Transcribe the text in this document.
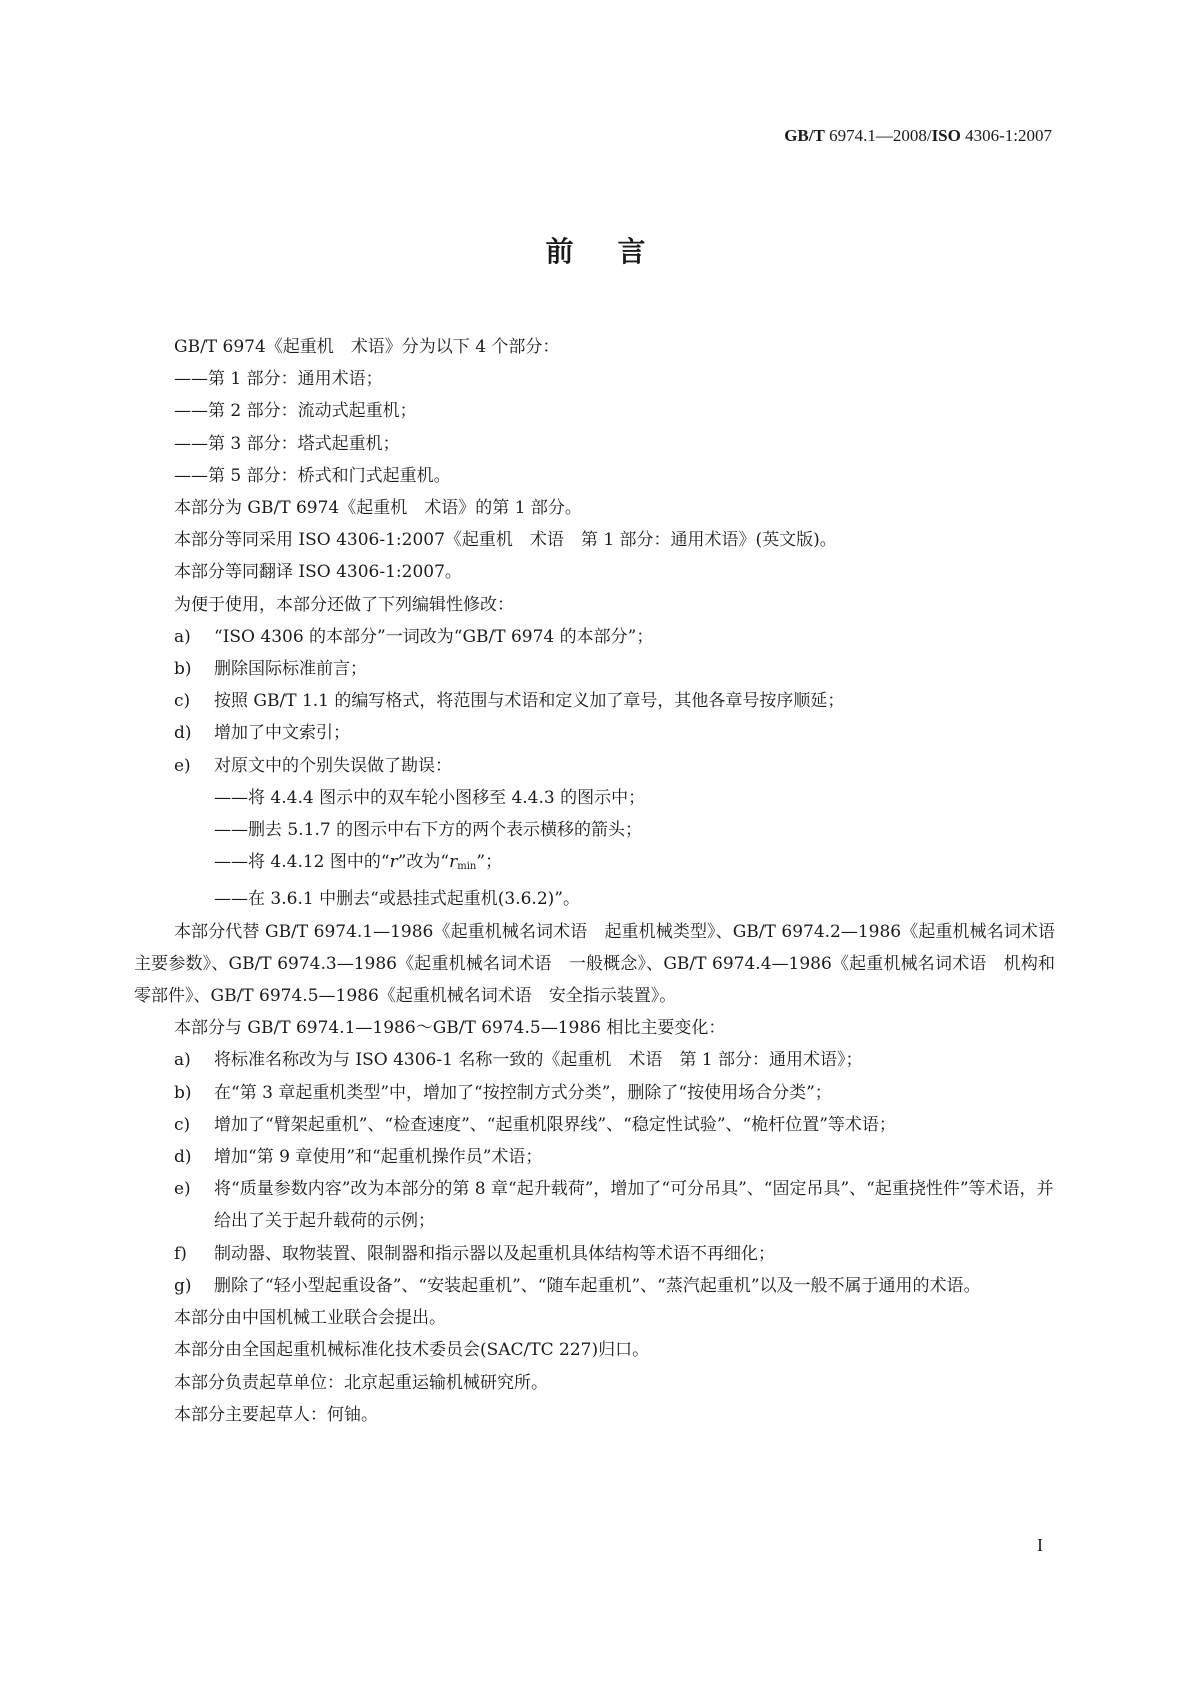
GB/T 6974.1—2008/ISO 4306-1:2007
前言
GB/T 6974《起重机　术语》分为以下 4 个部分：
——第 1 部分：通用术语；
——第 2 部分：流动式起重机；
——第 3 部分：塔式起重机；
——第 5 部分：桥式和门式起重机。
本部分为 GB/T 6974《起重机　术语》的第 1 部分。
本部分等同采用 ISO 4306-1:2007《起重机　术语　第 1 部分：通用术语》(英文版)。
本部分等同翻译 ISO 4306-1:2007。
为便于使用，本部分还做了下列编辑性修改：
a)	“ISO 4306 的本部分”一词改为“GB/T 6974 的本部分”；
b)	删除国际标准前言；
c)	按照 GB/T 1.1 的编写格式，将范围与术语和定义加了章号，其他各章号按序顺延；
d)	增加了中文索引；
e)	对原文中的个别失误做了勘误：
——将 4.4.4 图示中的双车轮小图移至 4.4.3 的图示中；
——删去 5.1.7 的图示中右下方的两个表示横移的箭头；
——将 4.4.12 图中的“r”改为“$r_{min}$”；
——在 3.6.1 中删去“或悬挂式起重机(3.6.2)”。
本部分代替 GB/T 6974.1—1986《起重机械名词术语　起重机械类型》、GB/T 6974.2—1986《起重机械名词术语　主要参数》、GB/T 6974.3—1986《起重机械名词术语　一般概念》、GB/T 6974.4—1986《起重机械名词术语　机构和零部件》、GB/T 6974.5—1986《起重机械名词术语　安全指示装置》。
本部分与 GB/T 6974.1—1986～GB/T 6974.5—1986 相比主要变化：
a)	将标准名称改为与 ISO 4306-1 名称一致的《起重机　术语　第 1 部分：通用术语》；
b)	在“第 3 章起重机类型”中，增加了“按控制方式分类”，删除了“按使用场合分类”；
c)	增加了“臂架起重机”、“检查速度”、“起重机限界线”、“稳定性试验”、“桅杆位置”等术语；
d)	增加“第 9 章使用”和“起重机操作员”术语；
e)	将“质量参数内容”改为本部分的第 8 章“起升载荷”，增加了“可分吊具”、“固定吊具”、“起重挠性件”等术语，并给出了关于起升载荷的示例；
f)	制动器、取物装置、限制器和指示器以及起重机具体结构等术语不再细化；
g)	删除了“轻小型起重设备”、“安装起重机”、“随车起重机”、“蒸汽起重机”以及一般不属于通用的术语。
本部分由中国机械工业联合会提出。
本部分由全国起重机械标准化技术委员会(SAC/TC 227)归口。
本部分负责起草单位：北京起重运输机械研究所。
本部分主要起草人：何铀。
I
